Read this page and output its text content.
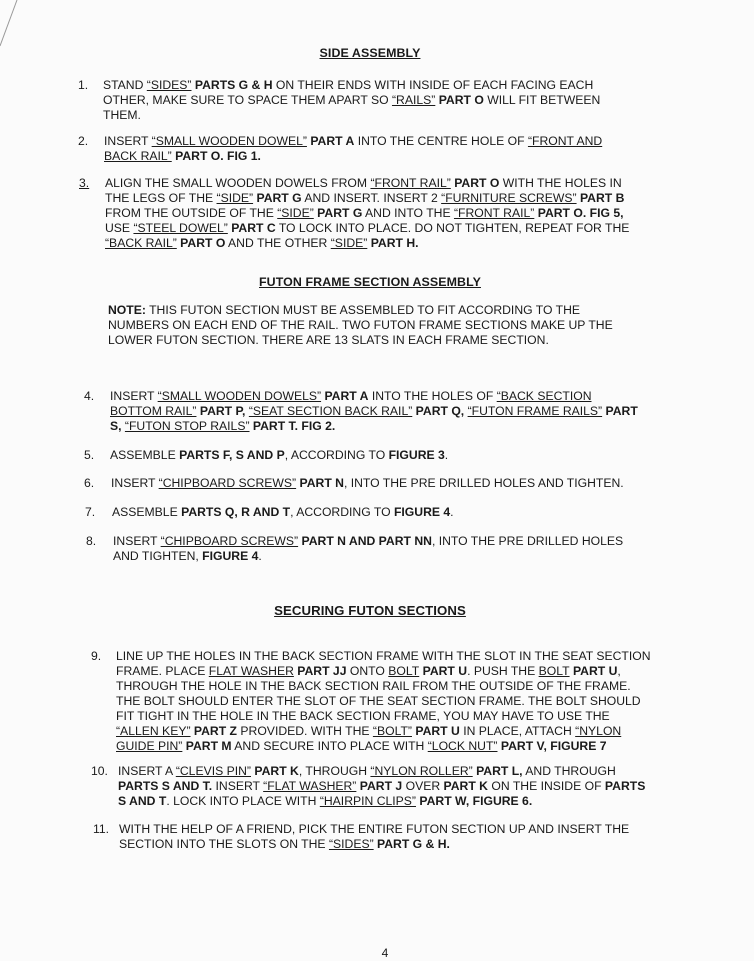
SIDE ASSEMBLY
1. STAND “SIDES” PARTS G & H ON THEIR ENDS WITH INSIDE OF EACH FACING EACH

OTHER, MAKE SURE TO SPACE THEM APART SO “RAILS” PART O WILL FIT BETWEEN

THEM.

2. INSERT “SMALL WOODEN DOWEL” PART A INTO THE CENTRE HOLE OF “FRONT AND

BACK RAIL” PART O. FIG 1.

3. ALIGN THE SMALL WOODEN DOWELS FROM “FRONT RAIL” PART O WITH THE HOLES IN

THE LEGS OF THE “SIDE” PART G AND INSERT. INSERT 2 “FURNITURE SCREWS” PART B

FROM THE OUTSIDE OF THE “SIDE” PART G AND INTO THE “FRONT RAIL” PART O. FIG 5,

USE “STEEL DOWEL” PART C TO LOCK INTO PLACE. DO NOT TIGHTEN, REPEAT FOR THE

“BACK RAIL” PART O AND THE OTHER “SIDE” PART H.

FUTON FRAME SECTION ASSEMBLY

NOTE: THIS FUTON SECTION MUST BE ASSEMBLED TO FIT ACCORDING TO THE

NUMBERS ON EACH END OF THE RAIL. TWO FUTON FRAME SECTIONS MAKE UP THE

LOWER FUTON SECTION. THERE ARE 13 SLATS IN EACH FRAME SECTION.

4. INSERT “SMALL WOODEN DOWELS” PART A INTO THE HOLES OF “BACK SECTION

BOTTOM RAIL” PART P, “SEAT SECTION BACK RAIL” PART Q, “FUTON FRAME RAILS” PART

S, “FUTON STOP RAILS” PART T. FIG 2.

5. ASSEMBLE PARTS F, S AND P, ACCORDING TO FIGURE 3.

6. INSERT “CHIPBOARD SCREWS” PART N, INTO THE PRE DRILLED HOLES AND TIGHTEN.

7. ASSEMBLE PARTS Q, R AND T, ACCORDING TO FIGURE 4.

8. INSERT “CHIPBOARD SCREWS” PART N AND PART NN, INTO THE PRE DRILLED HOLES

AND TIGHTEN, FIGURE 4.

SECURING FUTON SECTIONS
9. LINE UP THE HOLES IN THE BACK SECTION FRAME WITH THE SLOT IN THE SEAT SECTION

FRAME. PLACE FLAT WASHER PART JJ ONTO BOLT PART U. PUSH THE BOLT PART U,

THROUGH THE HOLE IN THE BACK SECTION RAIL FROM THE OUTSIDE OF THE FRAME.

THE BOLT SHOULD ENTER THE SLOT OF THE SEAT SECTION FRAME. THE BOLT SHOULD

FIT TIGHT IN THE HOLE IN THE BACK SECTION FRAME, YOU MAY HAVE TO USE THE

“ALLEN KEY” PART Z PROVIDED. WITH THE “BOLT” PART U IN PLACE, ATTACH “NYLON

GUIDE PIN” PART M AND SECURE INTO PLACE WITH “LOCK NUT” PART V, FIGURE 7

10. INSERT A “CLEVIS PIN” PART K, THROUGH “NYLON ROLLER” PART L, AND THROUGH

PARTS S AND T. INSERT “FLAT WASHER” PART J OVER PART K ON THE INSIDE OF PARTS

S AND T. LOCK INTO PLACE WITH “HAIRPIN CLIPS” PART W, FIGURE 6.

11. WITH THE HELP OF A FRIEND, PICK THE ENTIRE FUTON SECTION UP AND INSERT THE

SECTION INTO THE SLOTS ON THE “SIDES” PART G & H.

4
